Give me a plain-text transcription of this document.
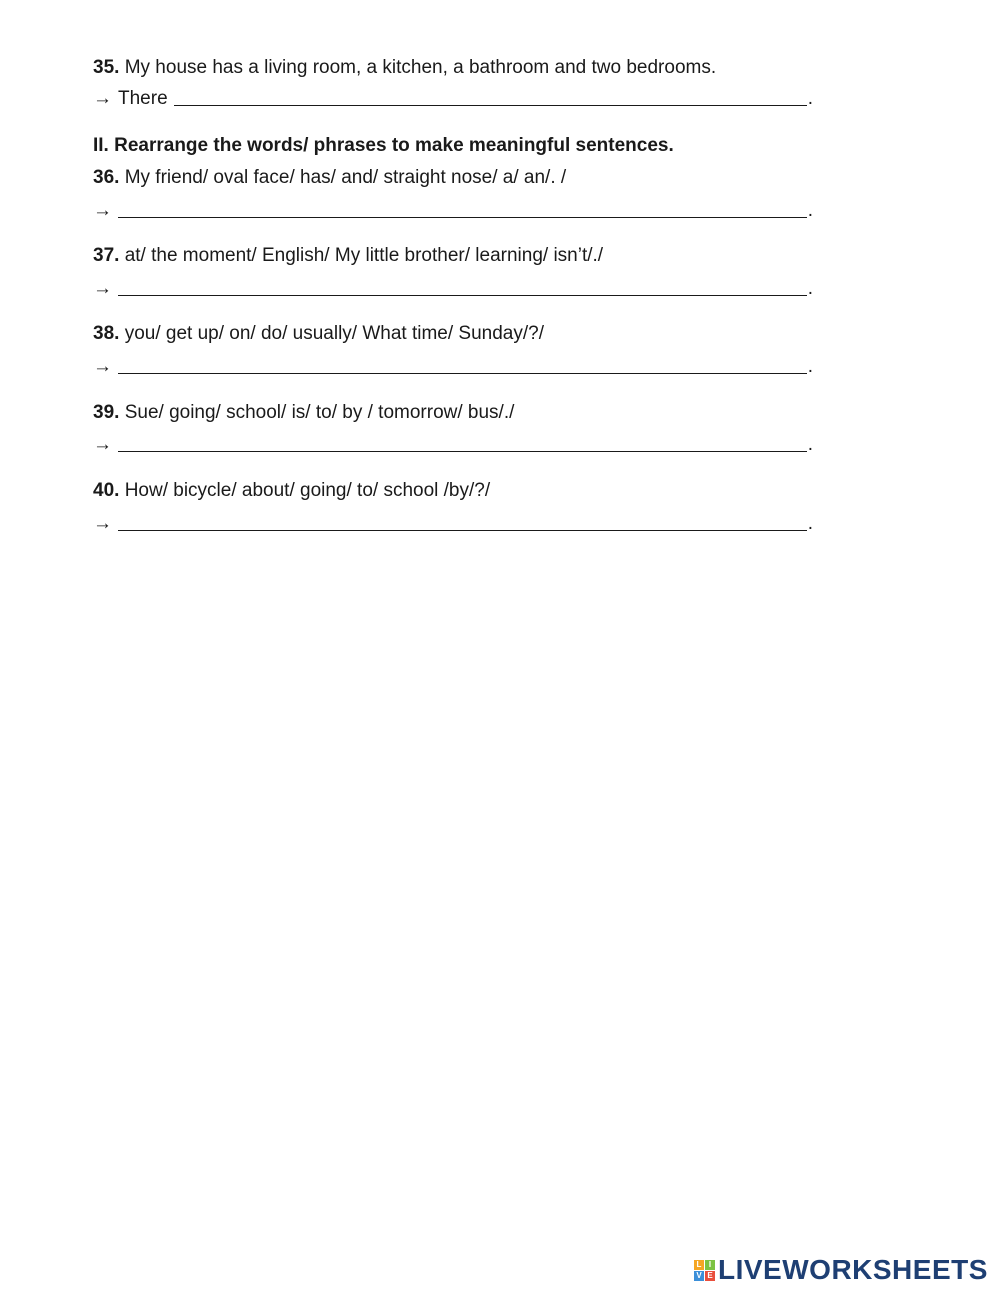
35. My house has a living room, a kitchen, a bathroom and two bedrooms.
→ There	.
II. Rearrange the words/ phrases to make meaningful sentences.
36. My friend/ oval face/ has/ and/ straight nose/ a/ an/. /
→	.
37. at/ the moment/ English/ My little brother/ learning/ isn’t/./
→	.
38. you/ get up/ on/ do/ usually/ What time/ Sunday/?/
→	.
39. Sue/ going/ school/ is/ to/ by / tomorrow/ bus/./
→	.
40. How/ bicycle/ about/ going/ to/ school /by/?/
→	.
L I
V E LIVEWORKSHEETS
